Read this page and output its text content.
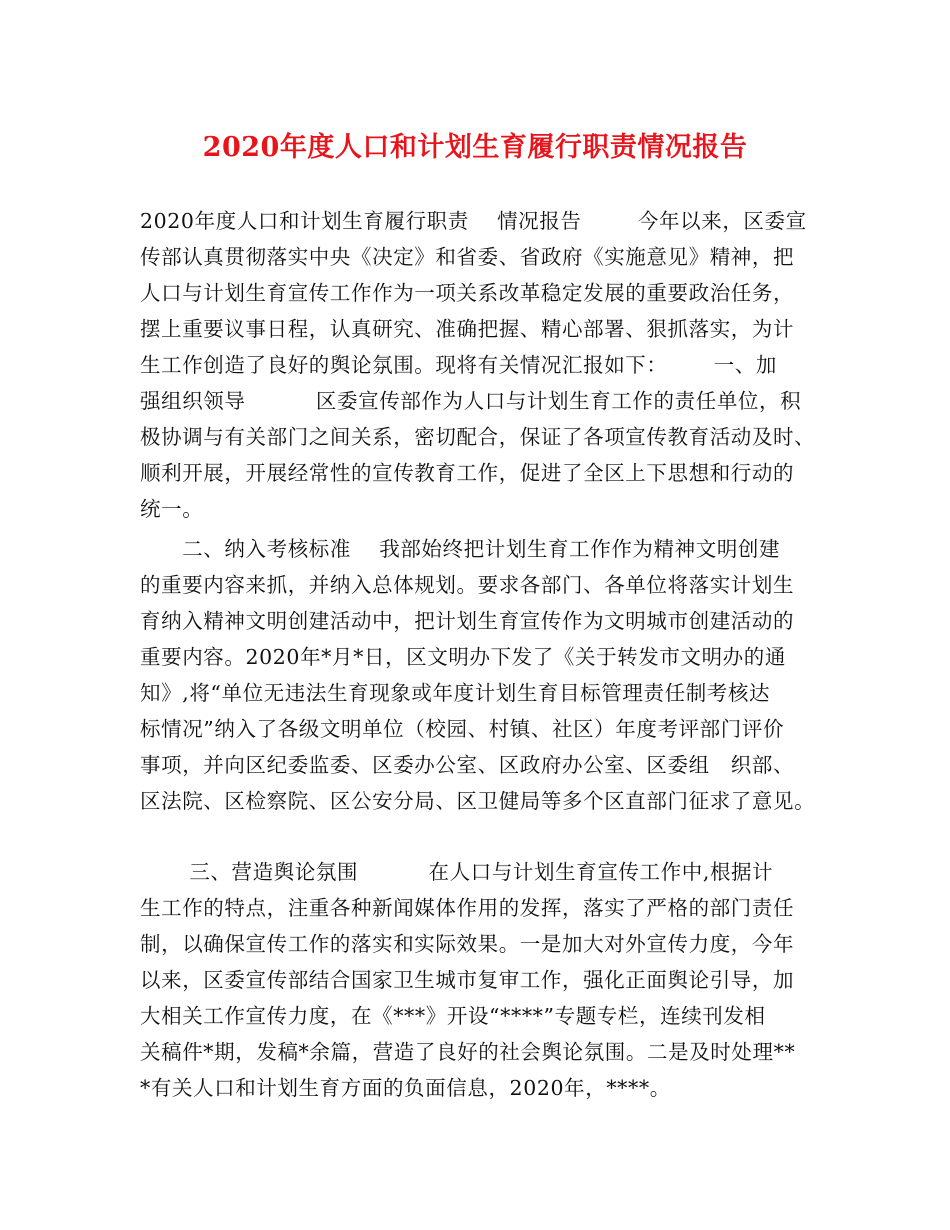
2020年度人口和计划生育履行职责情况报告
2020年度人口和计划生育履行职责　 情况报告　　  今年以来，区委宣
传部认真贯彻落实中央《决定》和省委、省政府《实施意见》精神，把
人口与计划生育宣传工作作为一项关系改革稳定发展的重要政治任务，
摆上重要议事日程，认真研究、准确把握、精心部署、狠抓落实，为计
生工作创造了良好的舆论氛围。现将有关情况汇报如下：　　  一、加
强组织领导　　 　区委宣传部作为人口与计划生育工作的责任单位，积
极协调与有关部门之间关系，密切配合，保证了各项宣传教育活动及时、
顺利开展，开展经常性的宣传教育工作，促进了全区上下思想和行动的
统一。
　　二、纳入考核标准　 我部始终把计划生育工作作为精神文明创建
的重要内容来抓，并纳入总体规划。要求各部门、各单位将落实计划生
育纳入精神文明创建活动中，把计划生育宣传作为文明城市创建活动的
重要内容。2020年*月*日，区文明办下发了《关于转发市文明办的通
知》,将“单位无违法生育现象或年度计划生育目标管理责任制考核达
标情况”纳入了各级文明单位（校园、村镇、社区）年度考评部门评价
事项，并向区纪委监委、区委办公室、区政府办公室、区委组　织部、
区法院、区检察院、区公安分局、区卫健局等多个区直部门征求了意见。
　　 三、营造舆论氛围　　 　在人口与计划生育宣传工作中,根据计
生工作的特点，注重各种新闻媒体作用的发挥，落实了严格的部门责任
制，以确保宣传工作的落实和实际效果。一是加大对外宣传力度，今年
以来，区委宣传部结合国家卫生城市复审工作，强化正面舆论引导，加
大相关工作宣传力度，在《***》开设“****”专题专栏，连续刊发相
关稿件*期，发稿*余篇，营造了良好的社会舆论氛围。二是及时处理**
*有关人口和计划生育方面的负面信息，2020年，****。
